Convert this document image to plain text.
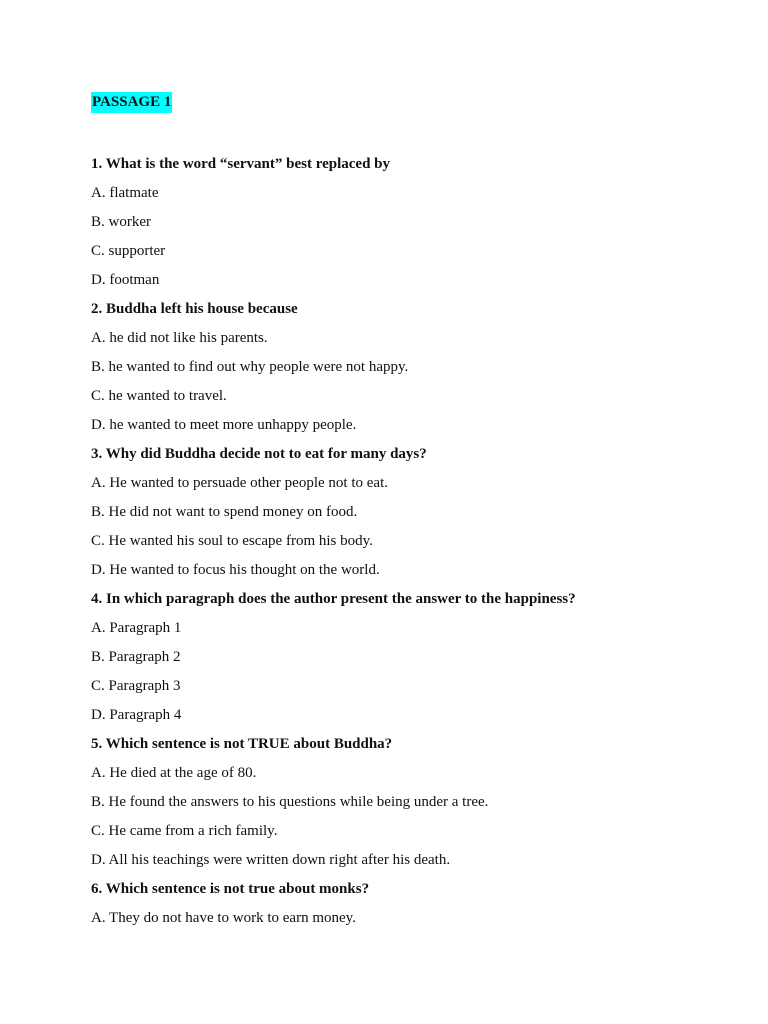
PASSAGE 1

1. What is the word “servant” best replaced by

A. flatmate

B. worker

C. supporter

D. footman

2. Buddha left his house because

A. he did not like his parents.

B. he wanted to find out why people were not happy.

C. he wanted to travel.

D. he wanted to meet more unhappy people.

3. Why did Buddha decide not to eat for many days?

A. He wanted to persuade other people not to eat.

B. He did not want to spend money on food.

C. He wanted his soul to escape from his body.

D. He wanted to focus his thought on the world.

4. In which paragraph does the author present the answer to the happiness?

A. Paragraph 1

B. Paragraph 2

C. Paragraph 3

D. Paragraph 4

5. Which sentence is not TRUE about Buddha?

A. He died at the age of 80.

B. He found the answers to his questions while being under a tree.

C. He came from a rich family.

D. All his teachings were written down right after his death.

6. Which sentence is not true about monks?

A. They do not have to work to earn money.
